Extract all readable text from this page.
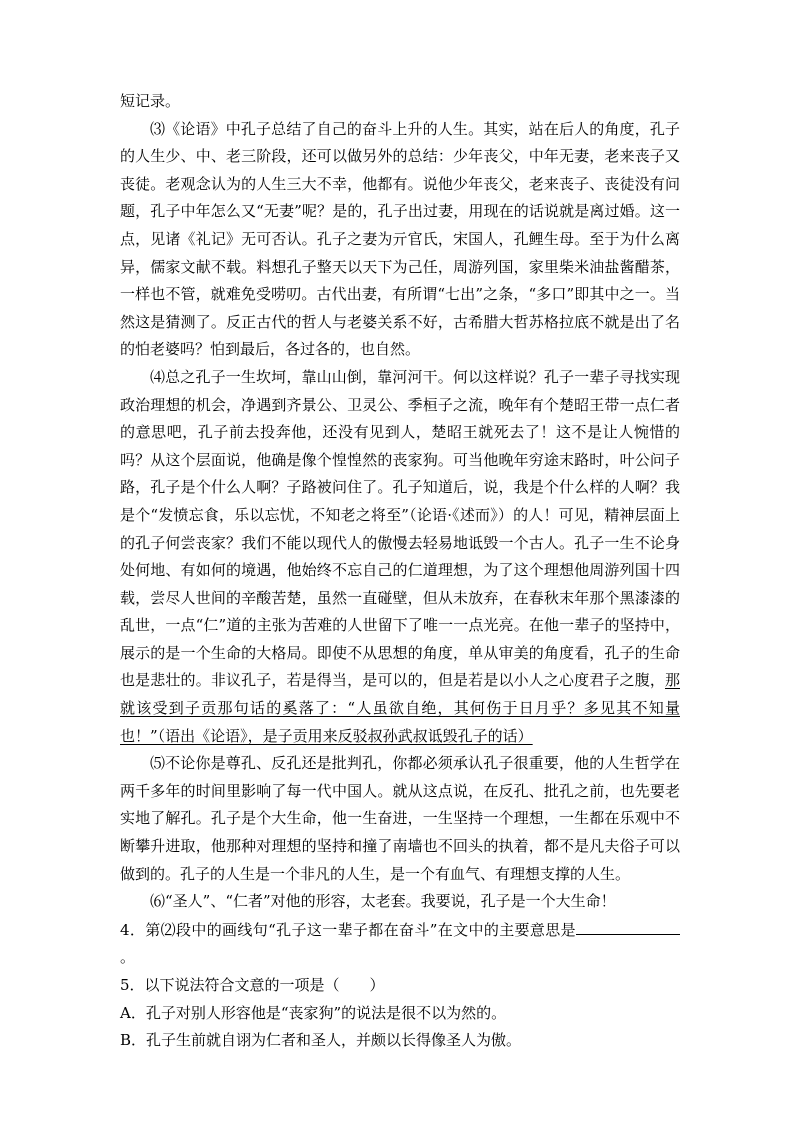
短记录。

⑶《论语》中孔子总结了自己的奋斗上升的人生。其实，站在后人的角度，孔子的人生少、中、老三阶段，还可以做另外的总结：少年丧父，中年无妻，老来丧子又丧徒。老观念认为的人生三大不幸，他都有。说他少年丧父，老来丧子、丧徒没有问题，孔子中年怎么又“无妻”呢？是的，孔子出过妻，用现在的话说就是离过婚。这一点，见诸《礼记》无可否认。孔子之妻为亓官氏，宋国人，孔鲤生母。至于为什么离异，儒家文献不载。料想孔子整天以天下为己任，周游列国，家里柴米油盐酱醋茶，一样也不管，就难免受唠叨。古代出妻，有所谓“七出”之条，“多口”即其中之一。当然这是猜测了。反正古代的哲人与老婆关系不好，古希腊大哲苏格拉底不就是出了名的怕老婆吗？怕到最后，各过各的，也自然。

⑷总之孔子一生坎坷，靠山山倒，靠河河干。何以这样说？孔子一辈子寻找实现政治理想的机会，净遇到齐景公、卫灵公、季桓子之流，晚年有个楚昭王带一点仁者的意思吧，孔子前去投奔他，还没有见到人，楚昭王就死去了！这不是让人惋惜的吗？从这个层面说，他确是像个惶惶然的丧家狗。可当他晚年穷途末路时，叶公问子路，孔子是个什么人啊？子路被问住了。孔子知道后，说，我是个什么样的人啊？我是个“发愤忘食，乐以忘忧，不知老之将至”（论语·《述而》）的人！可见，精神层面上的孔子何尝丧家？我们不能以现代人的傲慢去轻易地诋毁一个古人。孔子一生不论身处何地、有如何的境遇，他始终不忘自己的仁道理想，为了这个理想他周游列国十四载，尝尽人世间的辛酸苦楚，虽然一直碰壁，但从未放弃，在春秋末年那个黑漆漆的乱世，一点“仁”道的主张为苦难的人世留下了唯一一点光亮。在他一辈子的坚持中，展示的是一个生命的大格局。即使不从思想的角度，单从审美的角度看，孔子的生命也是悲壮的。非议孔子，若是得当，是可以的，但是若是以小人之心度君子之腹，那就该受到子贡那句话的奚落了：“人虽欲自绝，其何伤于日月乎？多见其不知量也！”（语出《论语》，是子贡用来反驳叔孙武叔诋毁孔子的话）

⑸不论你是尊孔、反孔还是批判孔，你都必须承认孔子很重要，他的人生哲学在两千多年的时间里影响了每一代中国人。就从这点说，在反孔、批孔之前，也先要老实地了解孔。孔子是个大生命，他一生奋进，一生坚持一个理想，一生都在乐观中不断攀升进取，他那种对理想的坚持和撞了南墙也不回头的执着，都不是凡夫俗子可以做到的。孔子的人生是一个非凡的人生，是一个有血气、有理想支撑的人生。

⑹“圣人”、“仁者”对他的形容，太老套。我要说，孔子是一个大生命！

4．第⑵段中的画线句“孔子这一辈子都在奋斗”在文中的主要意思是。

5．以下说法符合文意的一项是（　　）

A．孔子对别人形容他是“丧家狗”的说法是很不以为然的。

B．孔子生前就自诩为仁者和圣人，并颇以长得像圣人为傲。
